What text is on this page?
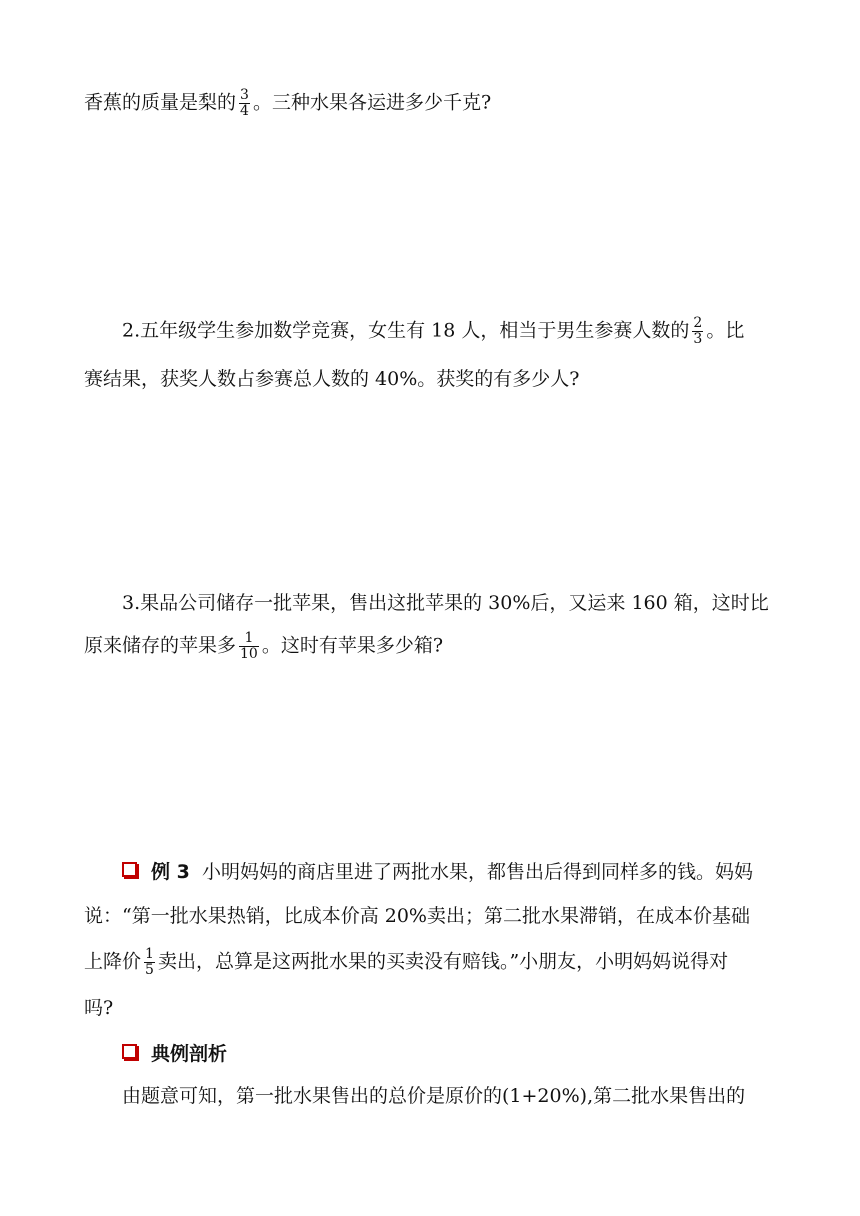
香蕉的质量是梨的 $\frac{3}{4}$ 。三种水果各运进多少千克?
2.五年级学生参加数学竞赛，女生有 18 人，相当于男生参赛人数的 $\frac{2}{3}$ 。比
赛结果，获奖人数占参赛总人数的 40%。获奖的有多少人?
3.果品公司储存一批苹果，售出这批苹果的 30%后，又运来 160 箱，这时比
原来储存的苹果多 $\frac{1}{10}$ 。这时有苹果多少箱?
例 3 小明妈妈的商店里进了两批水果，都售出后得到同样多的钱。妈妈
说：“第一批水果热销，比成本价高 20%卖出；第二批水果滞销，在成本价基础
上降价 $\frac{1}{5}$ 卖出，总算是这两批水果的买卖没有赔钱。”小朋友，小明妈妈说得对
吗?
典例剖析
由题意可知，第一批水果售出的总价是原价的(1+20%),第二批水果售出的
